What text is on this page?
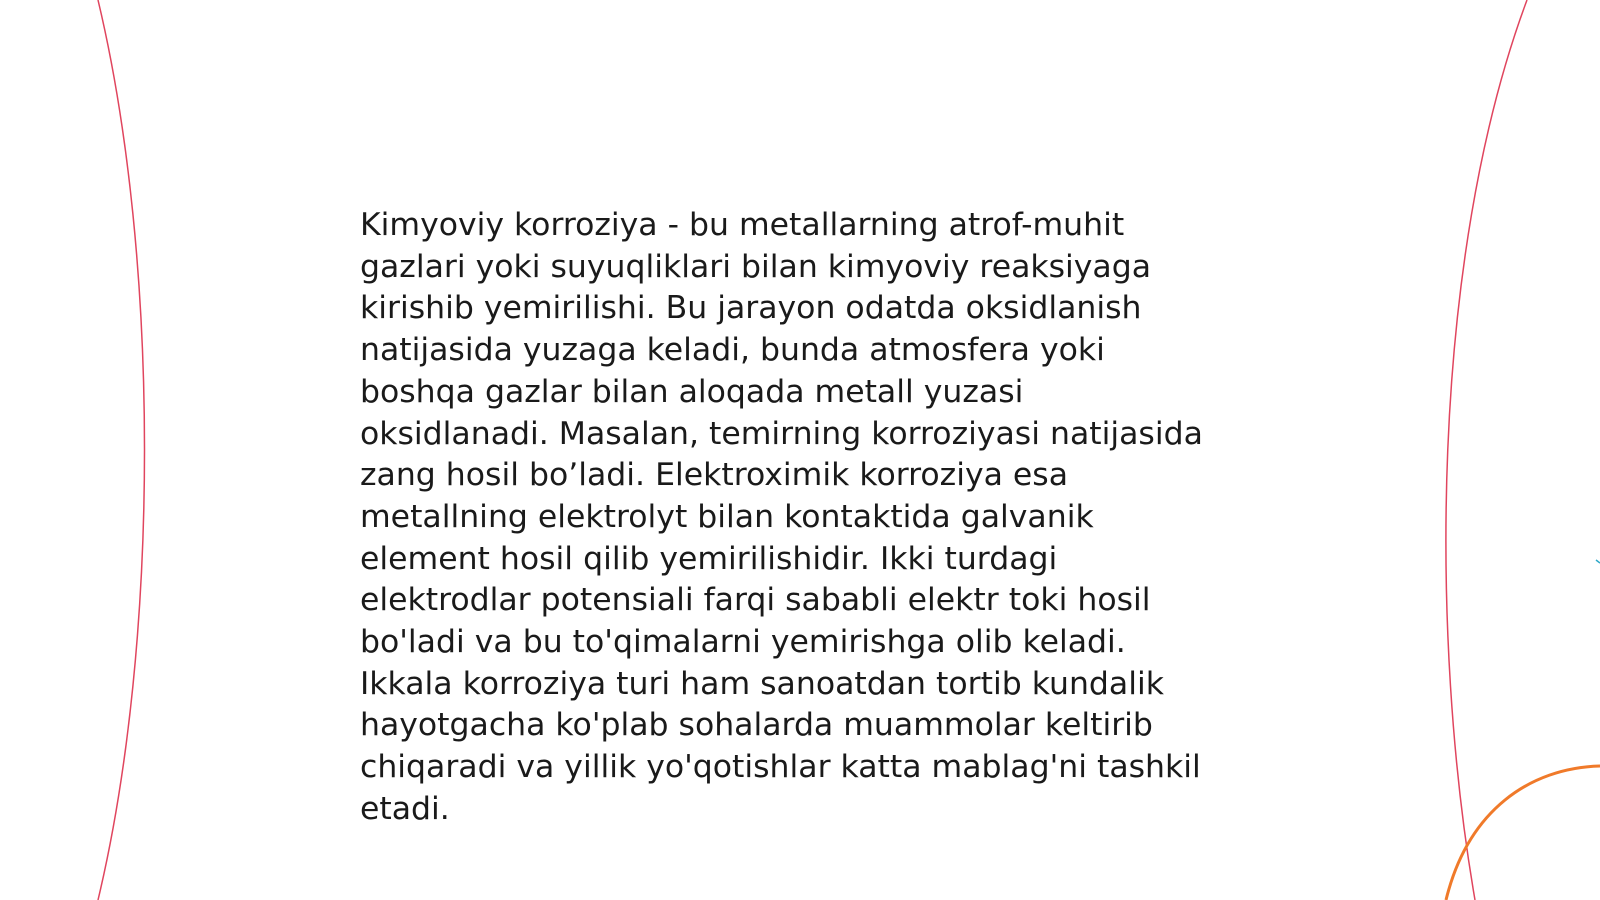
Kimyoviy korroziya - bu metallarning atrof-muhit
gazlari yoki suyuqliklari bilan kimyoviy reaksiyaga
kirishib yemirilishi. Bu jarayon odatda oksidlanish
natijasida yuzaga keladi, bunda atmosfera yoki
boshqa gazlar bilan aloqada metall yuzasi
oksidlanadi. Masalan, temirning korroziyasi natijasida
zang hosil bo’ladi. Elektroximik korroziya esa
metallning elektrolyt bilan kontaktida galvanik
element hosil qilib yemirilishidir. Ikki turdagi
elektrodlar potensiali farqi sababli elektr toki hosil
bo'ladi va bu to'qimalarni yemirishga olib keladi.
Ikkala korroziya turi ham sanoatdan tortib kundalik
hayotgacha ko'plab sohalarda muammolar keltirib
chiqaradi va yillik yo'qotishlar katta mablag'ni tashkil
etadi.
